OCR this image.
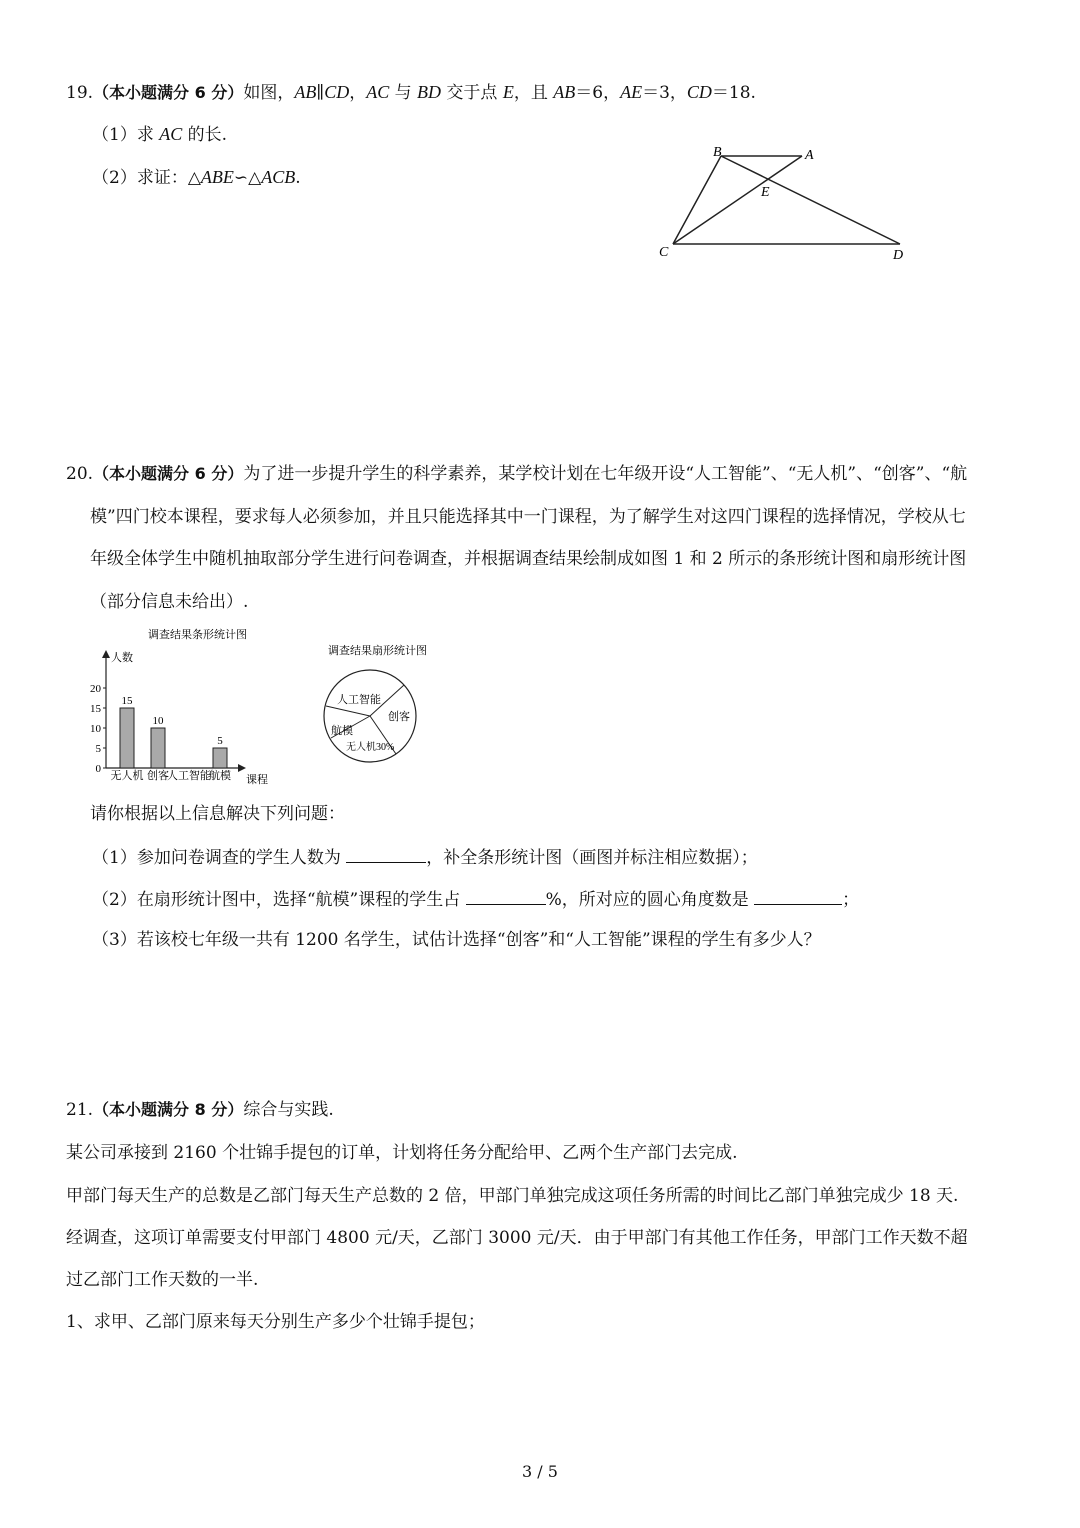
19.（本小题满分 6 分）如图，AB∥CD，AC 与 BD 交于点 E，且 AB＝6，AE＝3，CD＝18.
（1）求 AC 的长.
（2）求证：△ABE∽△ACB.
B	A
E
C	D
20.（本小题满分 6 分）为了进一步提升学生的科学素养，某学校计划在七年级开设“人工智能”、“无人机”、“创客”、“航
模”四门校本课程，要求每人必须参加，并且只能选择其中一门课程，为了解学生对这四门课程的选择情况，学校从七
年级全体学生中随机抽取部分学生进行问卷调查，并根据调查结果绘制成如图 1 和 2 所示的条形统计图和扇形统计图
（部分信息未给出）.
调查结果条形统计图
人数
课程
0
5
10
15
20
15
无人机
10
创客
人工智能
5
航模
调查结果扇形统计图
人工智能
创客
航模
无人机30%
请你根据以上信息解决下列问题：
（1）参加问卷调查的学生人数为	，补全条形统计图（画图并标注相应数据）；
（2）在扇形统计图中，选择“航模”课程的学生占	%，所对应的圆心角度数是	；
（3）若该校七年级一共有 1200 名学生，试估计选择“创客”和“人工智能”课程的学生有多少人？
21.（本小题满分 8 分）综合与实践.
某公司承接到 2160 个壮锦手提包的订单，计划将任务分配给甲、乙两个生产部门去完成.
甲部门每天生产的总数是乙部门每天生产总数的 2 倍，甲部门单独完成这项任务所需的时间比乙部门单独完成少 18 天.
经调查，这项订单需要支付甲部门 4800 元/天，乙部门 3000 元/天．由于甲部门有其他工作任务，甲部门工作天数不超
过乙部门工作天数的一半.
1、求甲、乙部门原来每天分别生产多少个壮锦手提包；
3 / 5
